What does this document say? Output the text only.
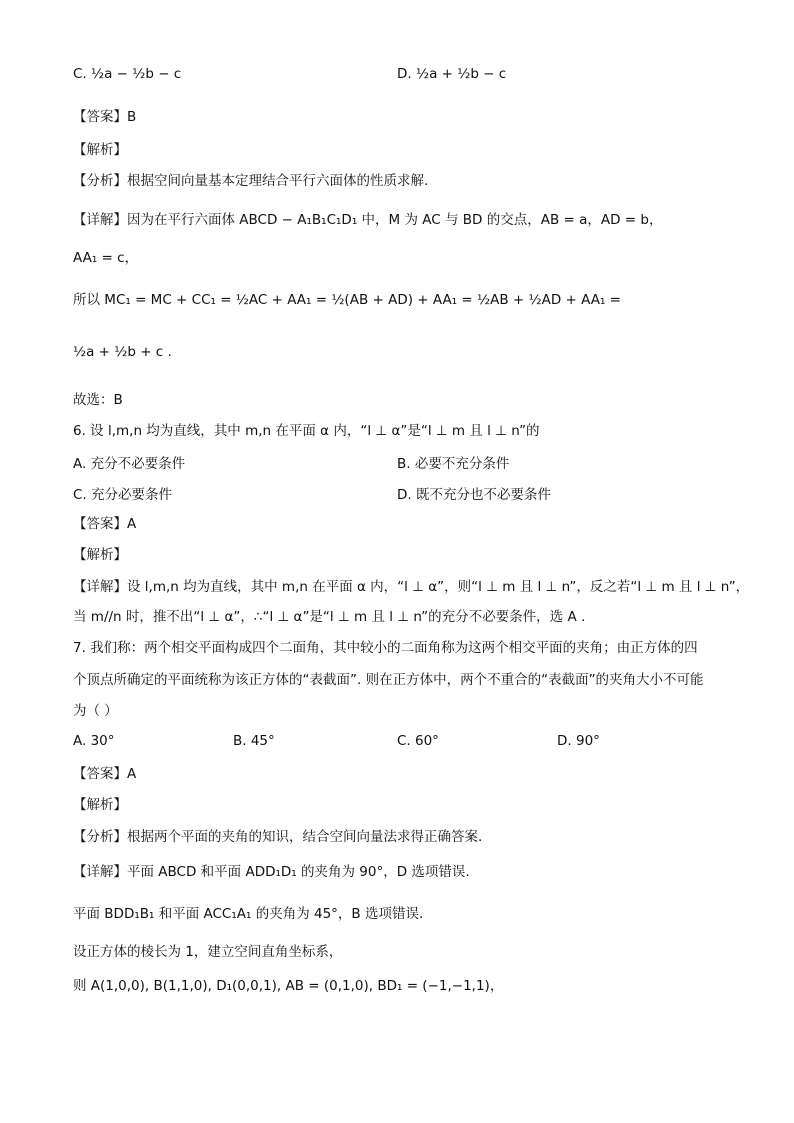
C. ½a − ½b − c	D. ½a + ½b − c
【答案】B
【解析】
【分析】根据空间向量基本定理结合平行六面体的性质求解.
【详解】因为在平行六面体 ABCD − A₁B₁C₁D₁ 中，M 为 AC 与 BD 的交点，AB = a，AD = b，
AA₁ = c，
所以 MC₁ = MC + CC₁ = ½AC + AA₁ = ½(AB + AD) + AA₁ = ½AB + ½AD + AA₁ =
½a + ½b + c .
故选：B
6. 设 l,m,n 均为直线，其中 m,n 在平面 α 内，“l ⊥ α”是“l ⊥ m 且 l ⊥ n”的
A. 充分不必要条件	B. 必要不充分条件
C. 充分必要条件	D. 既不充分也不必要条件
【答案】A
【解析】
【详解】设 l,m,n 均为直线，其中 m,n 在平面 α 内，“l ⊥ α”，则“l ⊥ m 且 l ⊥ n”，反之若“l ⊥ m 且 l ⊥ n”，
当 m//n 时，推不出“l ⊥ α”，∴“l ⊥ α”是“l ⊥ m 且 l ⊥ n”的充分不必要条件，选 A .
7. 我们称：两个相交平面构成四个二面角，其中较小的二面角称为这两个相交平面的夹角；由正方体的四
个顶点所确定的平面统称为该正方体的“表截面”. 则在正方体中，两个不重合的“表截面”的夹角大小不可能
为（ ）
A. 30°	B. 45°	C. 60°	D. 90°
【答案】A
【解析】
【分析】根据两个平面的夹角的知识，结合空间向量法求得正确答案.
【详解】平面 ABCD 和平面 ADD₁D₁ 的夹角为 90°，D 选项错误.
平面 BDD₁B₁ 和平面 ACC₁A₁ 的夹角为 45°，B 选项错误.
设正方体的棱长为 1，建立空间直角坐标系，
则 A(1,0,0), B(1,1,0), D₁(0,0,1), AB = (0,1,0), BD₁ = (−1,−1,1)，
